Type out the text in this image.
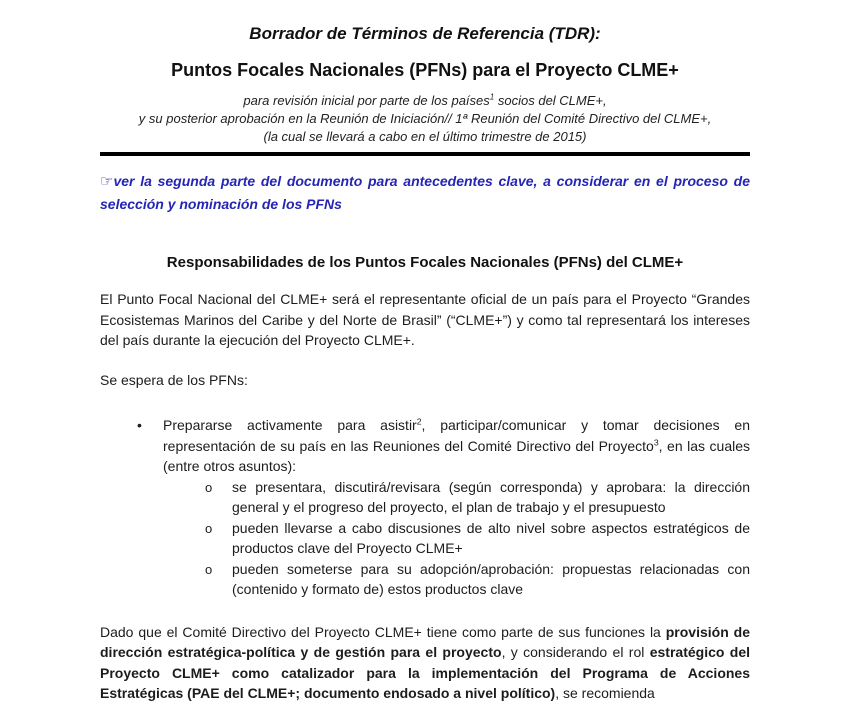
Borrador de Términos de Referencia (TDR):
Puntos Focales Nacionales (PFNs) para el Proyecto CLME+
para revisión inicial por parte de los países$^1$ socios del CLME+,
y su posterior aprobación en la Reunión de Iniciación// 1ª Reunión del Comité Directivo del CLME+,
(la cual se llevará a cabo en el último trimestre de 2015)
☞ver la segunda parte del documento para antecedentes clave, a considerar en el proceso de selección y nominación de los PFNs
Responsabilidades de los Puntos Focales Nacionales (PFNs) del CLME+
El Punto Focal Nacional del CLME+ será el representante oficial de un país para el Proyecto “Grandes Ecosistemas Marinos del Caribe y del Norte de Brasil” (“CLME+”) y como tal representará los intereses del país durante la ejecución del Proyecto CLME+.
Se espera de los PFNs:
• Prepararse activamente para asistir$^2$, participar/comunicar y tomar decisiones en representación de su país en las Reuniones del Comité Directivo del Proyecto$^3$, en las cuales (entre otros asuntos):
o se presentara, discutirá/revisara (según corresponda) y aprobara: la dirección general y el progreso del proyecto, el plan de trabajo y el presupuesto
o pueden llevarse a cabo discusiones de alto nivel sobre aspectos estratégicos de productos clave del Proyecto CLME+
o pueden someterse para su adopción/aprobación: propuestas relacionadas con (contenido y formato de) estos productos clave
Dado que el Comité Directivo del Proyecto CLME+ tiene como parte de sus funciones la provisión de dirección estratégica-política y de gestión para el proyecto, y considerando el rol estratégico del Proyecto CLME+ como catalizador para la implementación del Programa de Acciones Estratégicas (PAE del CLME+; documento endosado a nivel político), se recomienda
